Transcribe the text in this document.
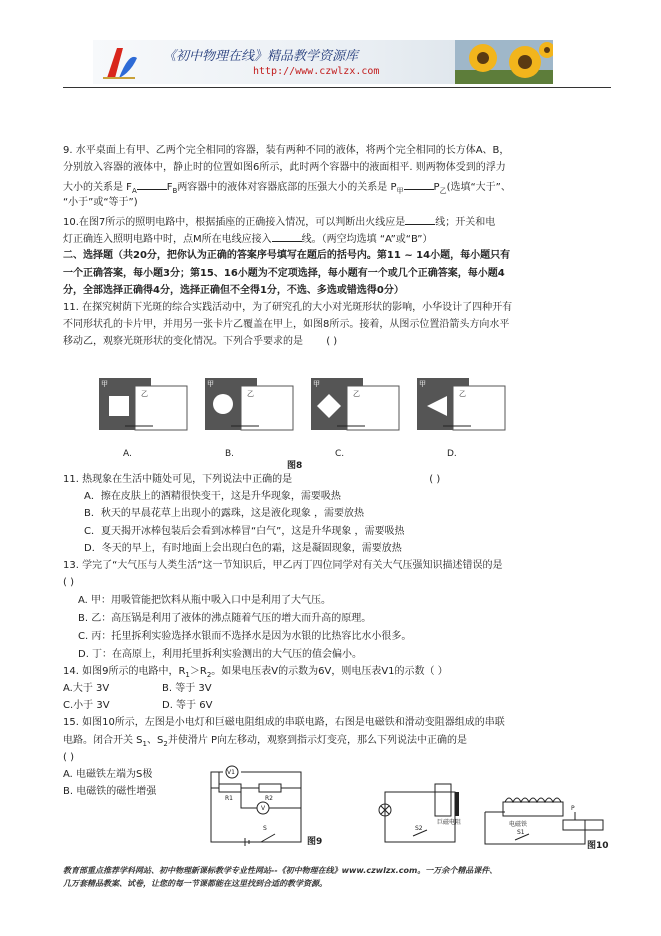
《初中物理在线》精品教学资源库
http://www.czwlzx.com
9. 水平桌面上有甲、乙两个完全相同的容器，装有两种不同的液体，将两个完全相同的长方体A、B，
分别放入容器的液体中，静止时的位置如图6所示，此时两个容器中的液面相平. 则两物体受到的浮力
大小的关系是 $F_A$	$F_B$两容器中的液体对容器底部的压强大小的关系是 $P_甲$	$P_乙$(选填“大于”、
“小于”或“等于”)
10.在图7所示的照明电路中，根据插座的正确接入情况，可以判断出火线应是	线；开关和电
灯正确连入照明电路中时，点M所在电线应接入	线。（两空均选填 “A”或“B”）
二、选择题（共20分，把你认为正确的答案序号填写在题后的括号内。第11 ~ 14小题，每小题只有
一个正确答案，每小题3分；第15、16小题为不定项选择，每小题有一个或几个正确答案，每小题4
分，全部选择正确得4分，选择正确但不全得1分，不选、多选或错选得0分）
11. 在探究树荫下光斑的综合实践活动中，为了研究孔的大小对光斑形状的影响，小华设计了四种开有
不同形状孔的卡片甲，并用另一张卡片乙覆盖在甲上，如图8所示。接着，从图示位置沿箭头方向水平
移动乙，观察光斑形状的变化情况。下列合乎要求的是 ( )
甲	甲	甲	甲
乙	乙	乙	乙
A.	B.	C.	D.
图8
11. 热现象在生活中随处可见，下列说法中正确的是	( )
A．擦在皮肤上的酒精很快变干，这是升华现象，需要吸热
B．秋天的早晨花草上出现小的露珠，这是液化现象 ，需要放热
C．夏天揭开冰棒包装后会看到冰棒冒“白气”，这是升华现象 ，需要吸热
D．冬天的早上，有时地面上会出现白色的霜，这是凝固现象，需要放热
13. 学完了“大气压与人类生活”这一节知识后，甲乙丙丁四位同学对有关大气压强知识描述错误的是
( )
A. 甲：用吸管能把饮料从瓶中吸入口中是利用了大气压。
B. 乙：高压锅是利用了液体的沸点随着气压的增大而升高的原理。
C. 丙：托里拆利实验选择水银而不选择水是因为水银的比热容比水小很多。
D. 丁：在高原上，利用托里拆利实验测出的大气压的值会偏小。
14. 如图9所示的电路中，$R_1>R_2$。如果电压表V的示数为6V，则电压表V1的示数（ ）
A.大于 3V	B. 等于 3V
C.小于 3V	D. 等于 6V
15. 如图10所示，左图是小电灯和巨磁电阻组成的串联电路，右图是电磁铁和滑动变阻器组成的串联
电路。闭合开关 $S_1$、$S_2$并使滑片 P向左移动，观察到指示灯变亮，那么下列说法中正确的是
( )
A. 电磁铁左端为S极
B. 电磁铁的磁性增强
V1
V
R1	R2
S
图9
巨磁电阻	电磁铁
S2
S1
P
图10
教育部重点推荐学科网站、初中物理新课标教学专业性网站--《初中物理在线》www.czwlzx.com。一万余个精品课件、
几万套精品教案、试卷，让您的每一节课都能在这里找到合适的教学资源。
